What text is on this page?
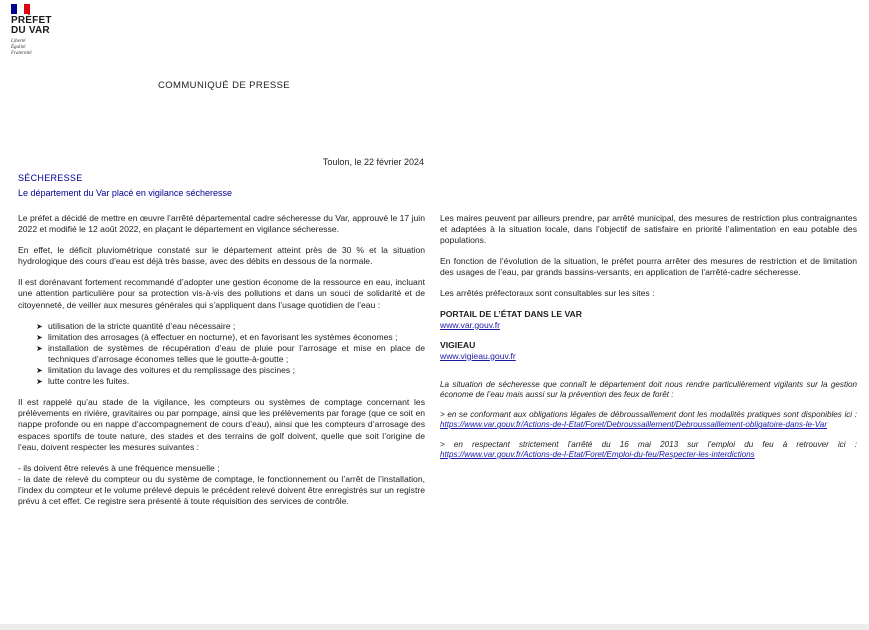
PRÉFET
DU VAR
Liberté
Égalité
Fraternité
COMMUNIQUÉ DE PRESSE
Toulon, le 22 février 2024
SÉCHERESSE
Le département du Var placé en vigilance sécheresse

Le préfet a décidé de mettre en œuvre l’arrêté départemental cadre sécheresse du Var, approuvé le 17 juin 2022 et modifié le 12 août 2022, en plaçant le département en vigilance sécheresse.

En effet, le déficit pluviométrique constaté sur le département atteint près de 30 % et la situation hydrologique des cours d’eau est déjà très basse, avec des débits en dessous de la normale.

Il est dorénavant fortement recommandé d’adopter une gestion économe de la ressource en eau, incluant une attention particulière pour sa protection vis-à-vis des pollutions et dans un souci de solidarité et de citoyenneté, de veiller aux mesures générales qui s’appliquent dans l’usage quotidien de l’eau :

➤ utilisation de la stricte quantité d’eau nécessaire ;
➤ limitation des arrosages (à effectuer en nocturne), et en favorisant les systèmes économes ;
➤ installation de systèmes de récupération d’eau de pluie pour l’arrosage et mise en place de techniques d’arrosage économes telles que le goutte-à-goutte ;
➤ limitation du lavage des voitures et du remplissage des piscines ;
➤ lutte contre les fuites.

Il est rappelé qu’au stade de la vigilance, les compteurs ou systèmes de comptage concernant les prélèvements en rivière, gravitaires ou par pompage, ainsi que les prélèvements par forage (que ce soit en nappe profonde ou en nappe d’accompagnement de cours d’eau), ainsi que les compteurs d’arrosage des espaces sportifs de toute nature, des stades et des terrains de golf doivent, quelle que soit l’origine de l’eau, doivent respecter les mesures suivantes :

- ils doivent être relevés à une fréquence mensuelle ;

- la date de relevé du compteur ou du système de comptage, le fonctionnement ou l’arrêt de l’installation, l’index du compteur et le volume prélevé depuis le précédent relevé doivent être enregistrés sur un registre prévu à cet effet. Ce registre sera présenté à toute réquisition des services de contrôle.

Les maires peuvent par ailleurs prendre, par arrêté municipal, des mesures de restriction plus contraignantes et adaptées à la situation locale, dans l’objectif de satisfaire en priorité l’alimentation en eau potable des populations.

En fonction de l’évolution de la situation, le préfet pourra arrêter des mesures de restriction et de limitation des usages de l’eau, par grands bassins-versants, en application de l’arrêté-cadre sécheresse.

Les arrêtés préfectoraux sont consultables sur les sites :

PORTAIL DE L’ÉTAT DANS LE VAR
www.var.gouv.fr
VIGIEAU
www.vigieau.gouv.fr

La situation de sécheresse que connaît le département doit nous rendre particulièrement vigilants sur la gestion économe de l’eau mais aussi sur la prévention des feux de forêt :

> en se conformant aux obligations légales de débroussaillement dont les modalités pratiques sont disponibles ici : https://www.var.gouv.fr/Actions-de-l-Etat/Foret/Debroussaillement/Debroussaillement-obligatoire-dans-le-Var

> en respectant strictement l’arrêté du 16 mai 2013 sur l’emploi du feu à retrouver ici : https://www.var.gouv.fr/Actions-de-l-Etat/Foret/Emploi-du-feu/Respecter-les-interdictions
